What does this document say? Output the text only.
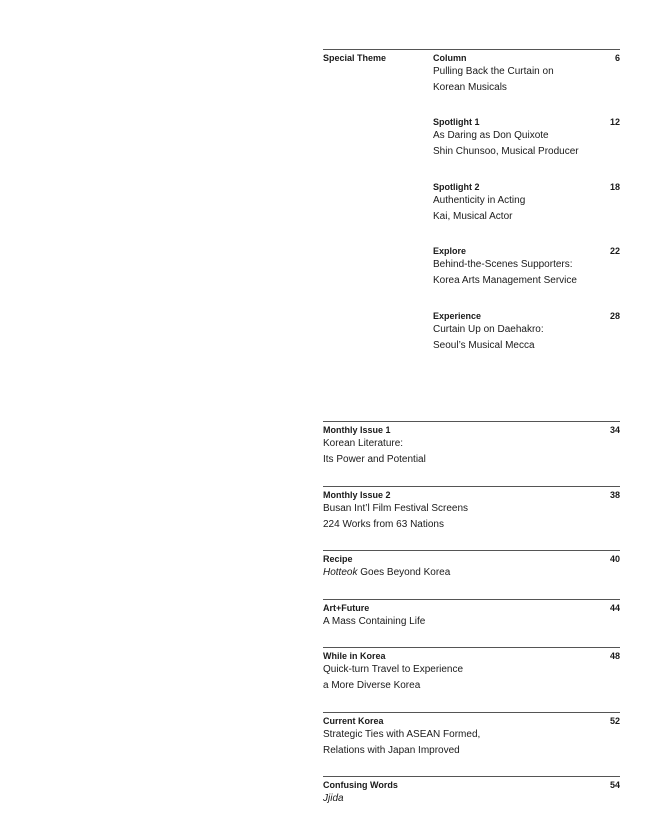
Special Theme	Column	6
Pulling Back the Curtain on
Korean Musicals
Spotlight 1	12
As Daring as Don Quixote
Shin Chunsoo, Musical Producer
Spotlight 2	18
Authenticity in Acting
Kai, Musical Actor
Explore	22
Behind-the-Scenes Supporters:
Korea Arts Management Service
Experience	28
Curtain Up on Daehakro:
Seoul’s Musical Mecca
Monthly Issue 1	34
Korean Literature:
Its Power and Potential
Monthly Issue 2	38
Busan Int’l Film Festival Screens
224 Works from 63 Nations
Recipe	40
Hotteok Goes Beyond Korea
Art+Future	44
A Mass Containing Life
While in Korea	48
Quick-turn Travel to Experience
a More Diverse Korea
Current Korea	52
Strategic Ties with ASEAN Formed,
Relations with Japan Improved
Confusing Words	54
Jjida
